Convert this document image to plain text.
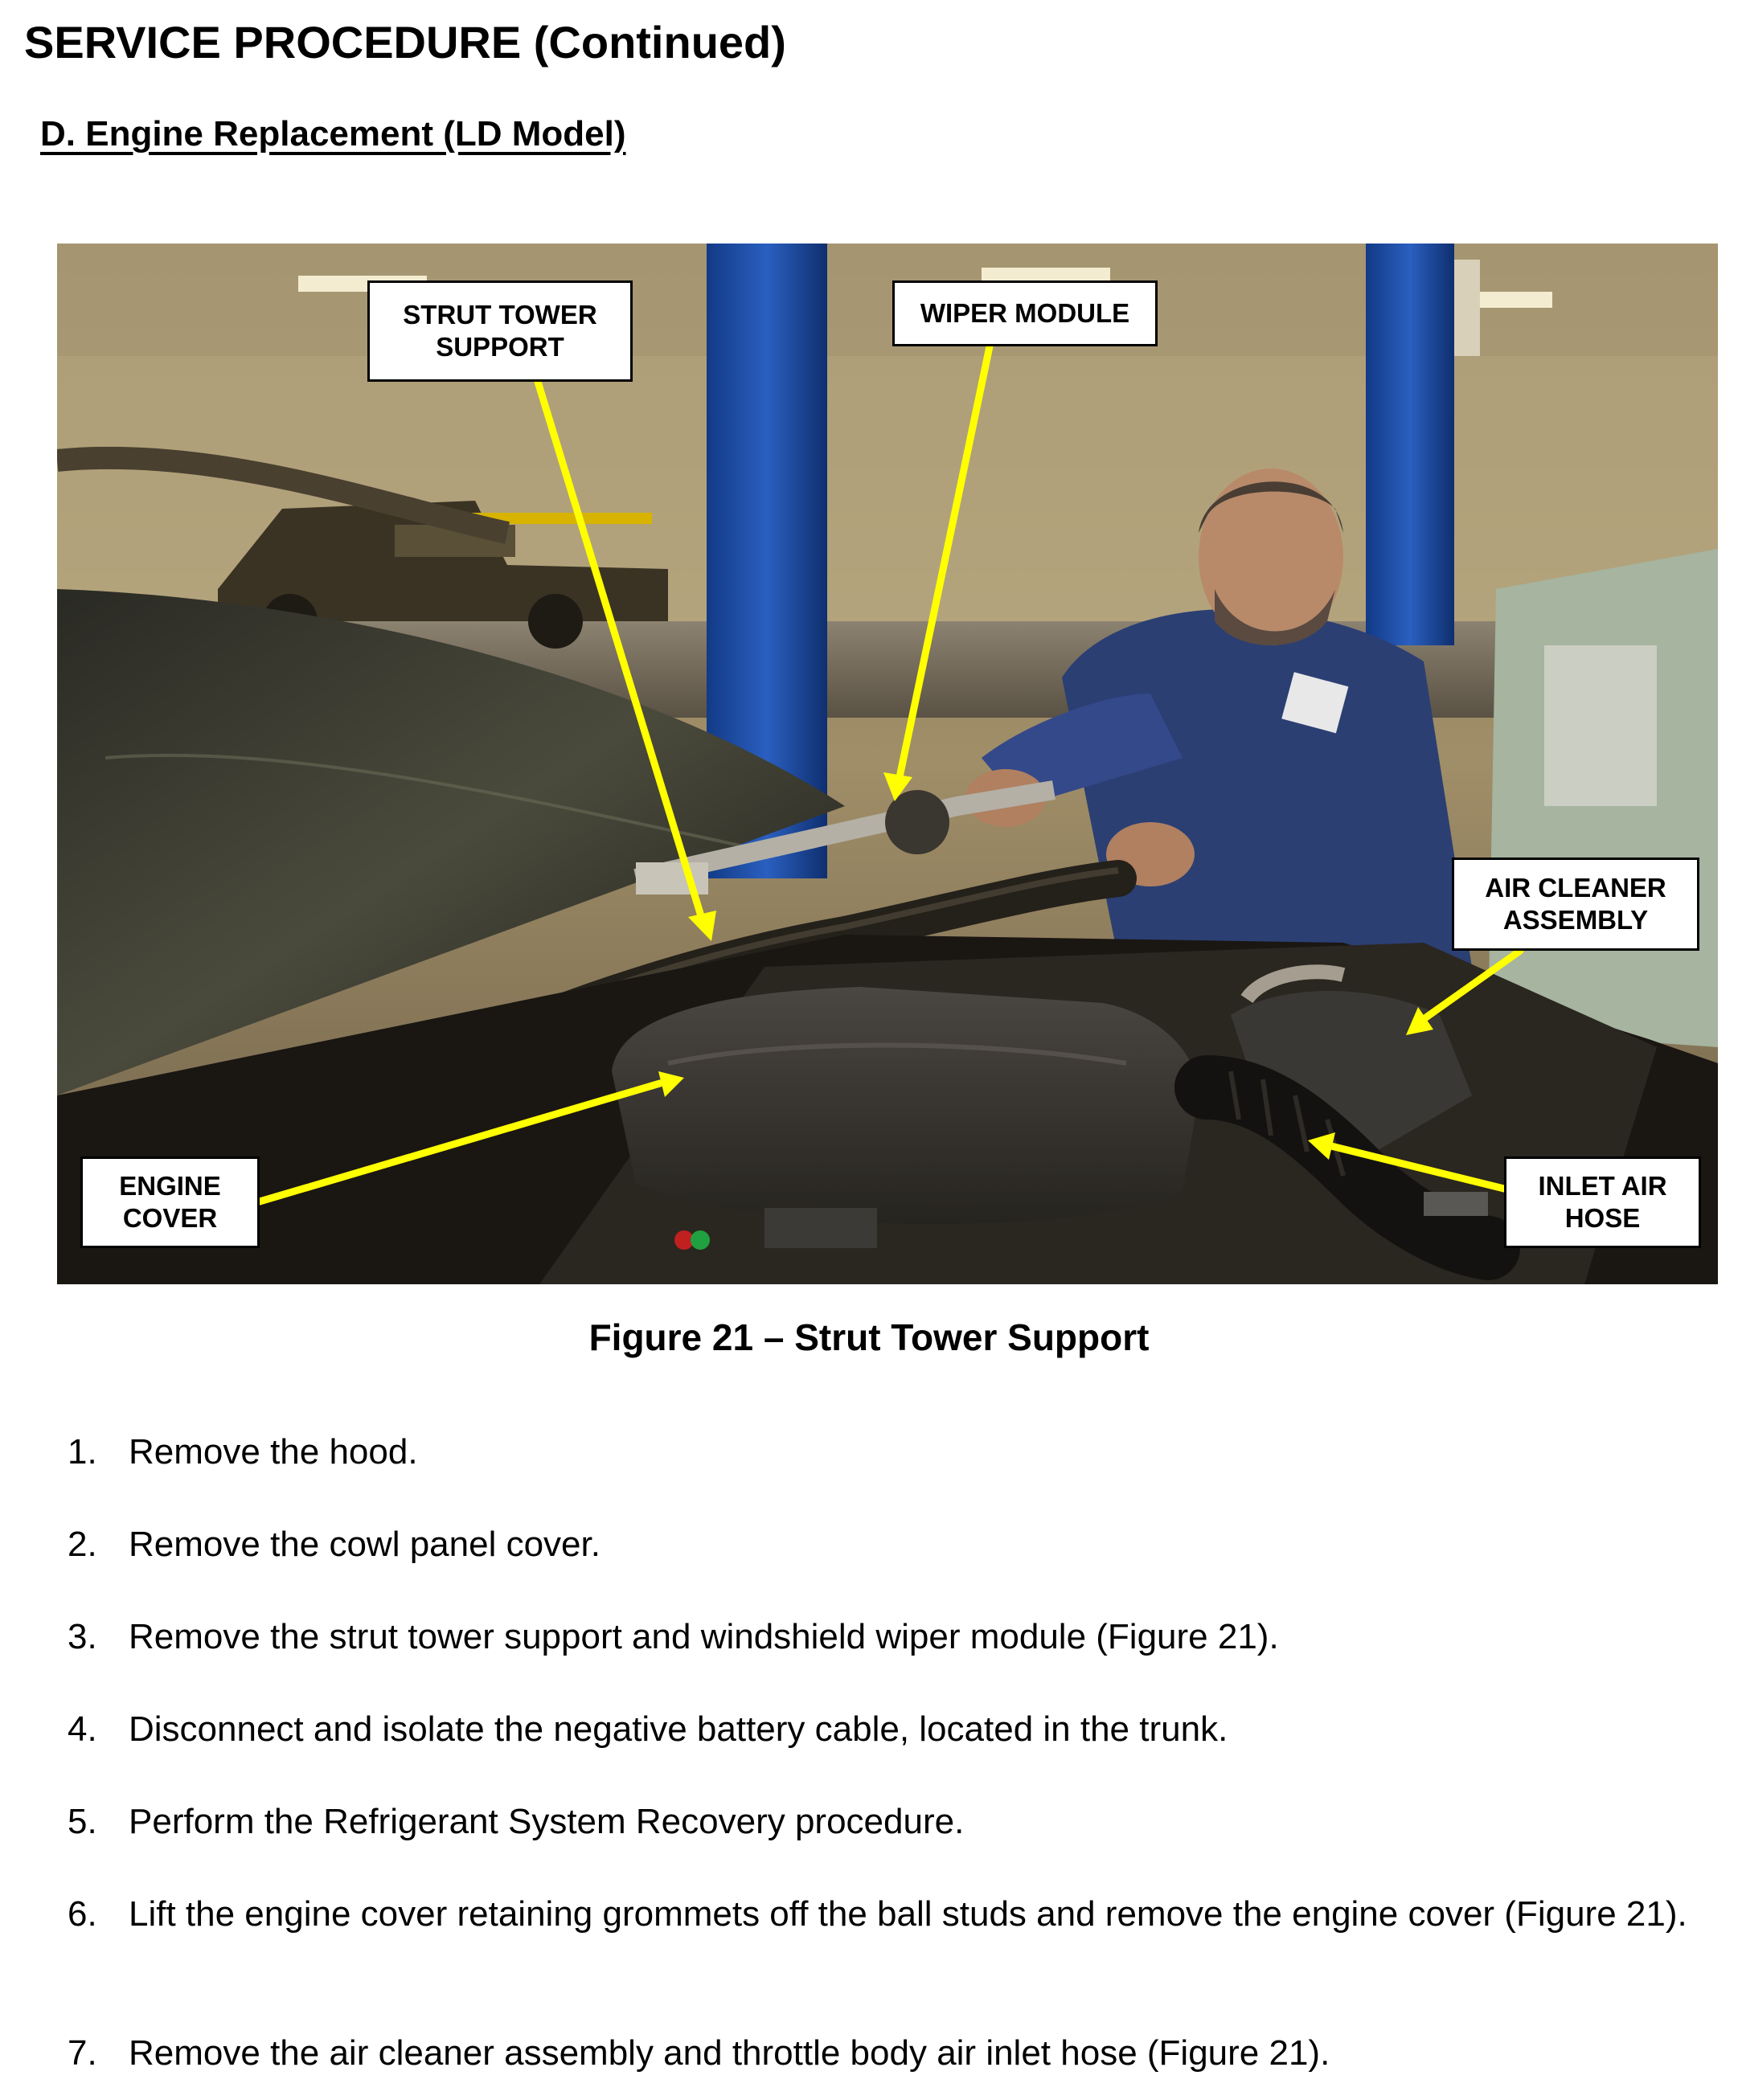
SERVICE PROCEDURE (Continued)
D. Engine Replacement (LD Model)
STRUT TOWER
SUPPORT
WIPER MODULE
AIR CLEANER
ASSEMBLY
ENGINE
COVER
INLET AIR
HOSE

Figure 21 – Strut Tower Support

1. Remove the hood.
2. Remove the cowl panel cover.
3. Remove the strut tower support and windshield wiper module (Figure 21).
4. Disconnect and isolate the negative battery cable, located in the trunk.
5. Perform the Refrigerant System Recovery procedure.
6. Lift the engine cover retaining grommets off the ball studs and remove the engine cover (Figure 21).
7. Remove the air cleaner assembly and throttle body air inlet hose (Figure 21).
